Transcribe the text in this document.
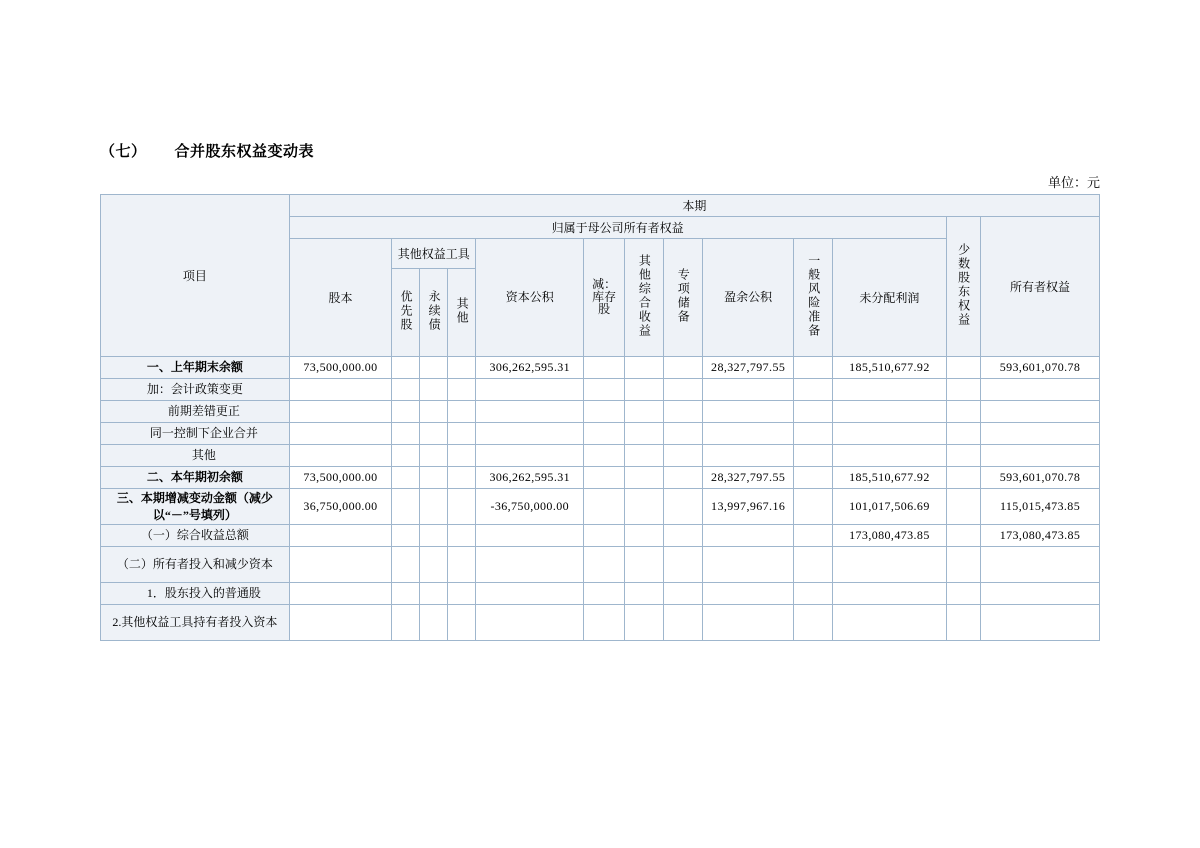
（七） 合并股东权益变动表
单位：元
项目	本期												
	归属于母公司所有者权益											少数股东权益	所有者权益
	股本	其他权益工具			资本公积	减：库存股	其他综合收益	专项储备	盈余公积	一般风险准备	未分配利润		
		优先股	永续债	其他									
一、上年期末余额	73,500,000.00				306,262,595.31				28,327,797.55		185,510,677.92		593,601,070.78
加：会计政策变更													
前期差错更正													
同一控制下企业合并													
其他													
二、本年期初余额	73,500,000.00				306,262,595.31				28,327,797.55		185,510,677.92		593,601,070.78
三、本期增减变动金额（减少以“－”号填列）	36,750,000.00				-36,750,000.00				13,997,967.16		101,017,506.69		115,015,473.85
（一）综合收益总额											173,080,473.85		173,080,473.85
（二）所有者投入和减少资本													
1．股东投入的普通股													
2.其他权益工具持有者投入资本													
